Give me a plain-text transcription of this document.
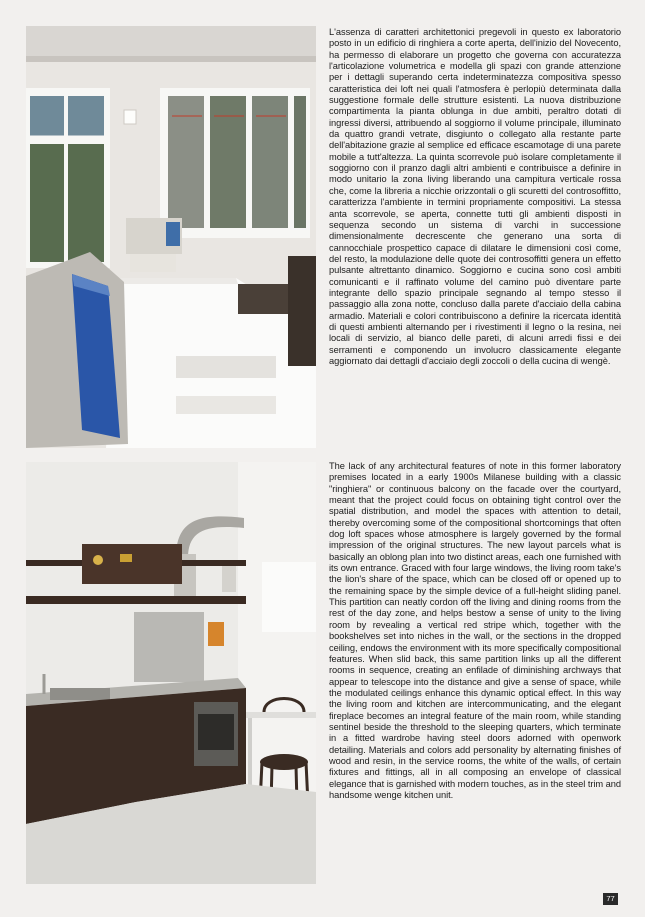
L'assenza di caratteri architettonici pregevoli in questo ex laboratorio posto in un edificio di ringhiera a corte aperta, dell'inizio del Novecento, ha permesso di elaborare un progetto che governa con accuratezza l'articolazione volumetrica e modella gli spazi con grande attenzione per i dettagli superando certa indeterminatezza compositiva spesso caratteristica dei loft nei quali l'atmosfera è perlopiù determinata dalla suggestione formale delle strutture esistenti. La nuova distribuzione compartimenta la pianta oblunga in due ambiti, peraltro dotati di ingressi diversi, attribuendo al soggiorno il volume principale, illuminato da quattro grandi vetrate, disgiunto o collegato alla restante parte dell'abitazione grazie al semplice ed efficace escamotage di una parete mobile a tutt'altezza. La quinta scorrevole può isolare completamente il soggiorno con il pranzo dagli altri ambienti e contribuisce a definire in modo unitario la zona living liberando una campitura verticale rossa che, come la libreria a nicchie orizzontali o gli scuretti del controsoffitto, caratterizza l'ambiente in termini propriamente compositivi. La stessa anta scorrevole, se aperta, connette tutti gli ambienti disposti in sequenza secondo un sistema di varchi in successione dimensionalmente decrescente che generano una sorta di cannocchiale prospettico capace di dilatare le dimensioni così come, del resto, la modulazione delle quote dei controsoffitti genera un effetto pulsante altrettanto dinamico. Soggiorno e cucina sono così ambiti comunicanti e il raffinato volume del camino può diventare parte integrante dello spazio principale segnando al tempo stesso il passaggio alla zona notte, concluso dalla parete d'acciaio della cabina armadio. Materiali e colori contribuiscono a definire la ricercata identità di questi ambienti alternando per i rivestimenti il legno o la resina, nei locali di servizio, al bianco delle pareti, di alcuni arredi fissi e dei serramenti e componendo un involucro classicamente elegante aggiornato dai dettagli d'acciaio degli zoccoli o della cucina di wengè.

The lack of any architectural features of note in this former laboratory premises located in a early 1900s Milanese building with a classic "ringhiera" or continuous balcony on the facade over the courtyard, meant that the project could focus on obtaining tight control over the spatial distribution, and model the spaces with attention to detail, thereby overcoming some of the compositional shortcomings that often dog loft spaces whose atmosphere is largely governed by the formal impression of the original structures. The new layout parcels what is basically an oblong plan into two distinct areas, each one furnished with its own entrance. Graced with four large windows, the living room take's the lion's share of the space, which can be closed off or opened up to the remaining space by the simple device of a full-height sliding panel. This partition can neatly cordon off the living and dining rooms from the rest of the day zone, and helps bestow a sense of unity to the living room by revealing a vertical red stripe which, together with the bookshelves set into niches in the wall, or the sections in the dropped ceiling, endows the environment with its more specifically compositional features. When slid back, this same partition links up all the different rooms in sequence, creating an enfilade of diminishing archways that appear to telescope into the distance and give a sense of space, while the modulated ceilings enhance this dynamic optical effect. In this way the living room and kitchen are intercommunicating, and the elegant fireplace becomes an integral feature of the main room, while standing sentinel beside the threshold to the sleeping quarters, which terminate in a fitted wardrobe having steel doors adorned with openwork detailing. Materials and colors add personality by alternating finishes of wood and resin, in the service rooms, the white of the walls, of certain fixtures and fittings, all in all composing an envelope of classical elegance that is garnished with modern touches, as in the steel trim and handsome wenge kitchen unit.

77
